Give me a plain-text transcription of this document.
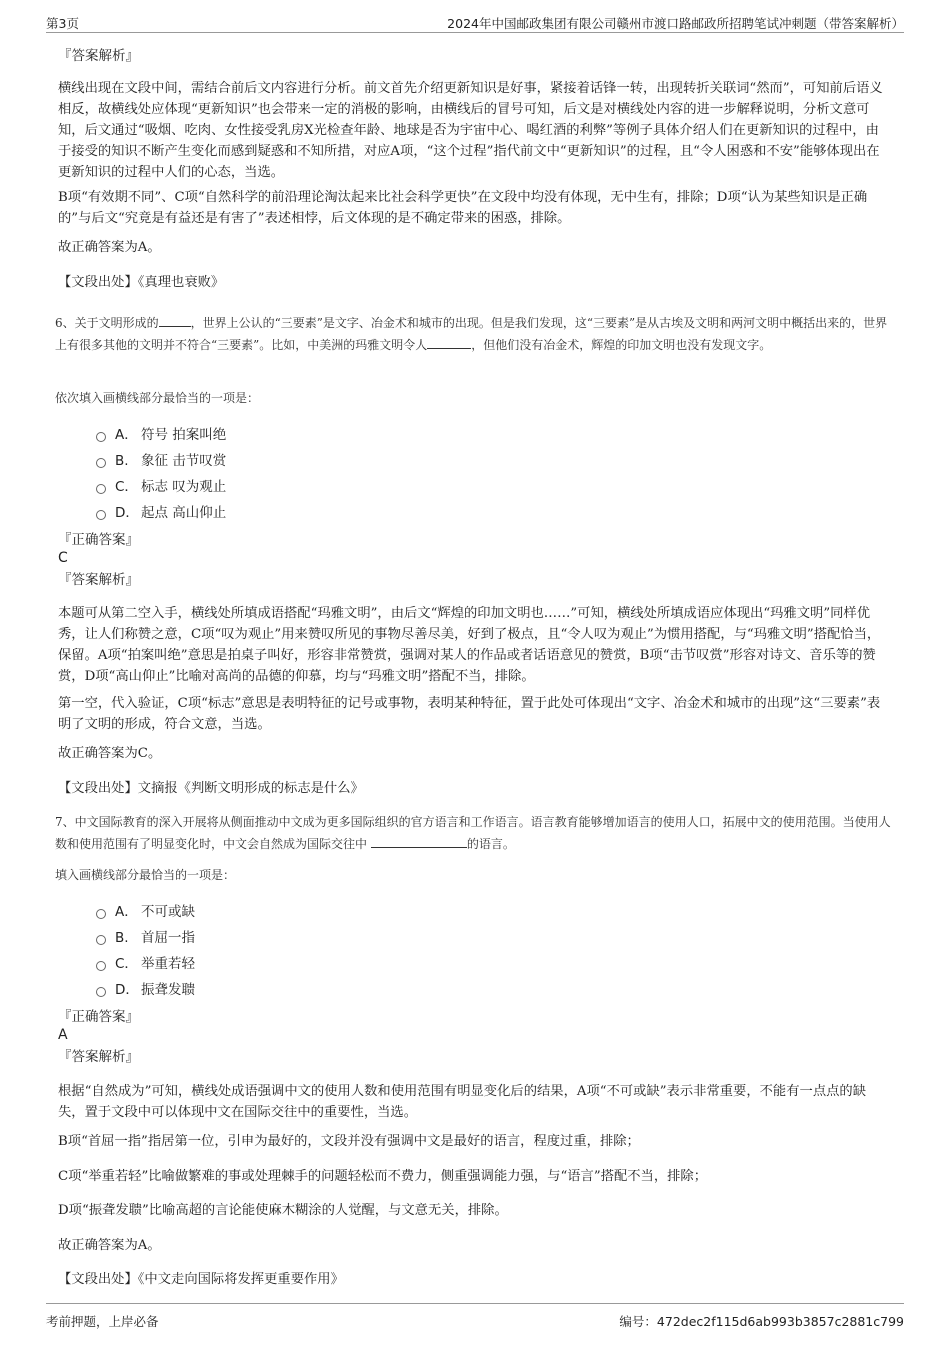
第3页	2024年中国邮政集团有限公司赣州市渡口路邮政所招聘笔试冲刺题（带答案解析）
『答案解析』
横线出现在文段中间，需结合前后文内容进行分析。前文首先介绍更新知识是好事，紧接着话锋一转，出现转折关联词“然而”，可知前后语义相反，故横线处应体现“更新知识”也会带来一定的消极的影响，由横线后的冒号可知，后文是对横线处内容的进一步解释说明，分析文意可知，后文通过“吸烟、吃肉、女性接受乳房X光检查年龄、地球是否为宇宙中心、喝红酒的利弊”等例子具体介绍人们在更新知识的过程中，由于接受的知识不断产生变化而感到疑惑和不知所措，对应A项，“这个过程”指代前文中“更新知识”的过程，且“令人困惑和不安”能够体现出在更新知识的过程中人们的心态，当选。
B项“有效期不同”、C项“自然科学的前沿理论淘汰起来比社会科学更快”在文段中均没有体现，无中生有，排除；D项“认为某些知识是正确的”与后文“究竟是有益还是有害了”表述相悖，后文体现的是不确定带来的困惑，排除。
故正确答案为A。
【文段出处】《真理也衰败》
6、关于文明形成的	，世界上公认的“三要素”是文字、冶金术和城市的出现。但是我们发现，这“三要素”是从古埃及文明和两河文明中概括出来的，世界上有很多其他的文明并不符合“三要素”。比如，中美洲的玛雅文明令人	，但他们没有冶金术，辉煌的印加文明也没有发现文字。
依次填入画横线部分最恰当的一项是：
A． 符号 拍案叫绝
B. 象征 击节叹赏
C． 标志 叹为观止
D． 起点 高山仰止
『正确答案』
C
『答案解析』
本题可从第二空入手，横线处所填成语搭配“玛雅文明”，由后文“辉煌的印加文明也……”可知，横线处所填成语应体现出“玛雅文明”同样优秀，让人们称赞之意，C项“叹为观止”用来赞叹所见的事物尽善尽美，好到了极点，且“令人叹为观止”为惯用搭配，与“玛雅文明”搭配恰当，保留。A项“拍案叫绝”意思是拍桌子叫好，形容非常赞赏，强调对某人的作品或者话语意见的赞赏，B项“击节叹赏”形容对诗文、音乐等的赞赏，D项“高山仰止”比喻对高尚的品德的仰慕，均与“玛雅文明”搭配不当，排除。
第一空，代入验证，C项“标志”意思是表明特征的记号或事物，表明某种特征，置于此处可体现出“文字、冶金术和城市的出现”这“三要素”表明了文明的形成，符合文意，当选。
故正确答案为C。
【文段出处】文摘报《判断文明形成的标志是什么》
7、中文国际教育的深入开展将从侧面推动中文成为更多国际组织的官方语言和工作语言。语言教育能够增加语言的使用人口，拓展中文的使用范围。当使用人数和使用范围有了明显变化时，中文会自然成为国际交往中	的语言。
填入画横线部分最恰当的一项是：
A． 不可或缺
B. 首屈一指
C． 举重若轻
D． 振聋发聩
『正确答案』
A
『答案解析』
根据“自然成为”可知，横线处成语强调中文的使用人数和使用范围有明显变化后的结果，A项“不可或缺”表示非常重要，不能有一点点的缺失，置于文段中可以体现中文在国际交往中的重要性，当选。
B项“首屈一指”指居第一位，引申为最好的，文段并没有强调中文是最好的语言，程度过重，排除；
C项“举重若轻”比喻做繁难的事或处理棘手的问题轻松而不费力，侧重强调能力强，与“语言”搭配不当，排除；
D项“振聋发聩”比喻高超的言论能使麻木糊涂的人觉醒，与文意无关，排除。
故正确答案为A。
【文段出处】《中文走向国际将发挥更重要作用》
考前押题，上岸必备	编号：472dec2f115d6ab993b3857c2881c799
